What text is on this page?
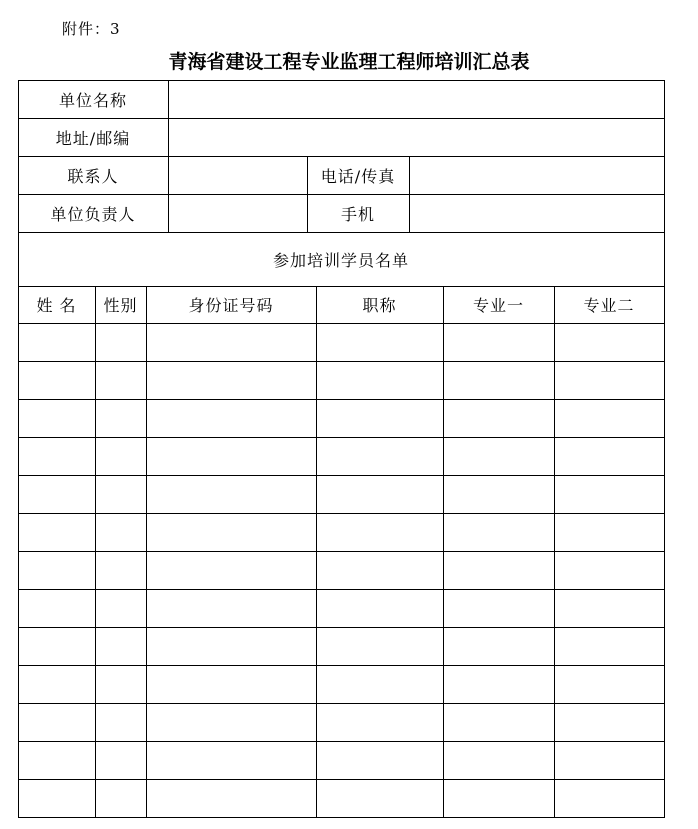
附件：3
青海省建设工程专业监理工程师培训汇总表
单位名称
地址/邮编
联系人	电话/传真
单位负责人	手机
参加培训学员名单
姓 名	性别	身份证号码	职称	专业一	专业二
